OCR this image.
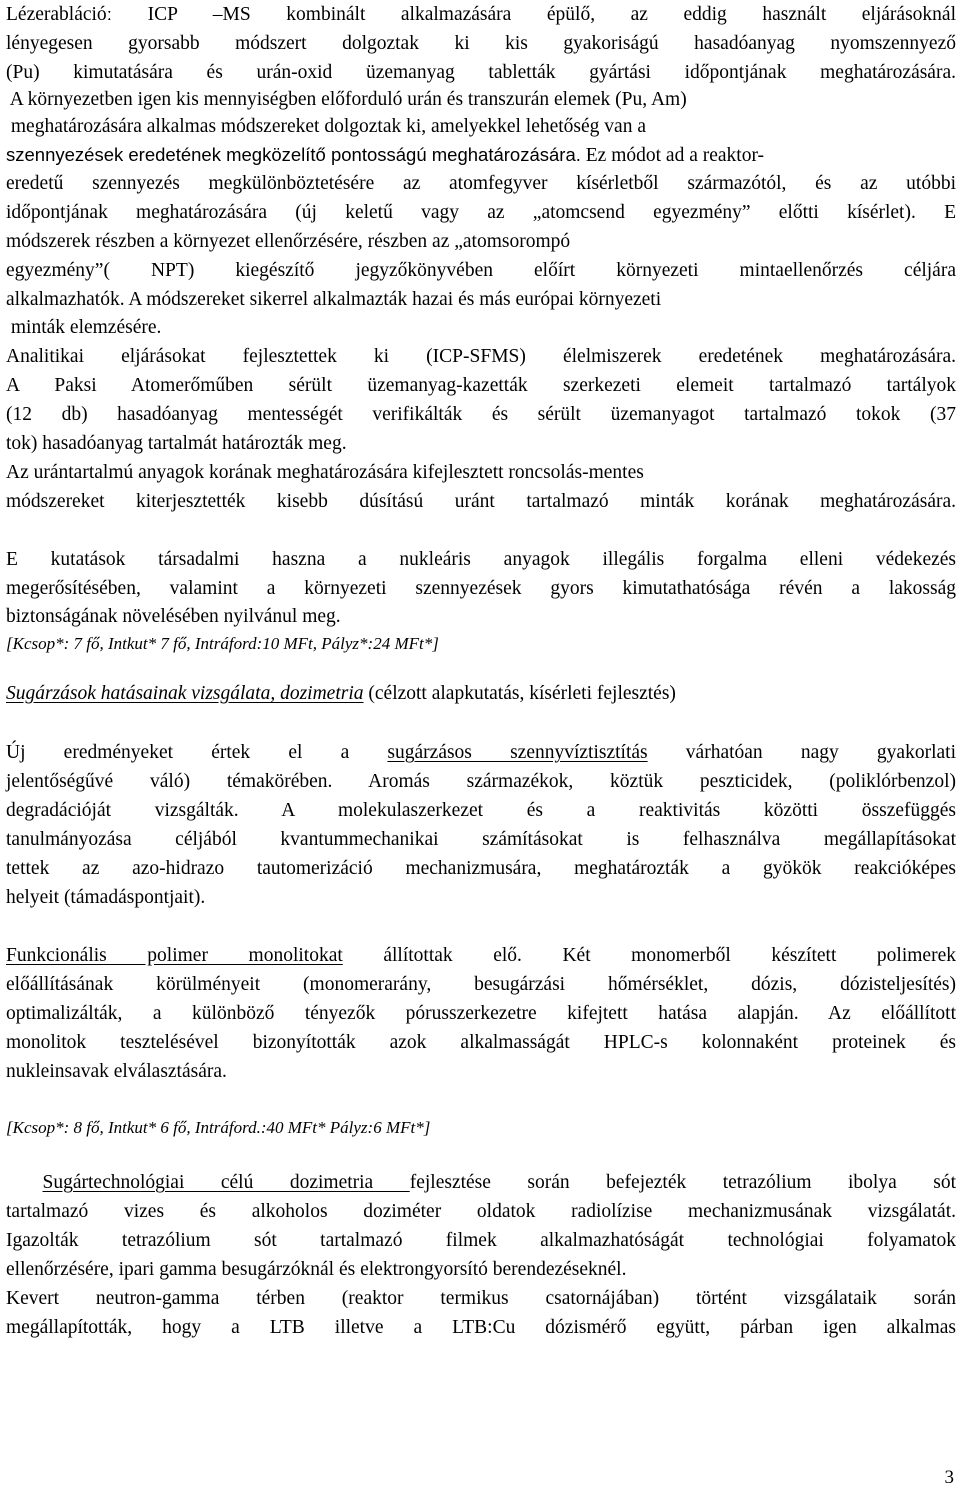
Lézerablációː ICP –MS kombinált alkalmazására épülő, az eddig használt eljárásoknál
lényegesen gyorsabb módszert dolgoztak ki kis gyakoriságú hasadóanyag nyomszennyező
(Pu) kimutatására és urán-oxid üzemanyag tabletták gyártási időpontjának meghatározására.
A környezetben igen kis mennyiségben előforduló urán és transzurán elemek (Pu, Am)
meghatározására alkalmas módszereket dolgoztak ki, amelyekkel lehetőség van a
szennyezések eredetének megközelítő pontosságú meghatározására. Ez módot ad a reaktor-
eredetű szennyezés megkülönböztetésére az atomfegyver kísérletből származótól, és az utóbbi
időpontjának meghatározására (új keletű vagy az „atomcsend egyezmény” előtti kísérlet). E
módszerek részben a környezet ellenőrzésére, részben az „atomsorompó
egyezmény”( NPT) kiegészítő jegyzőkönyvében előírt környezeti mintaellenőrzés céljára
alkalmazhatók. A módszereket sikerrel alkalmazták hazai és más európai környezeti
minták elemzésére.
Analitikai eljárásokat fejlesztettek ki (ICP-SFMS) élelmiszerek eredetének meghatározására.
A Paksi Atomerőműben sérült üzemanyag-kazetták szerkezeti elemeit tartalmazó tartályok
(12 db) hasadóanyag mentességét verifikálták és sérült üzemanyagot tartalmazó tokok (37
tok) hasadóanyag tartalmát határozták meg.
Az urántartalmú anyagok korának meghatározására kifejlesztett roncsolás-mentes
módszereket kiterjesztették kisebb dúsítású uránt tartalmazó minták korának meghatározására.
E kutatások társadalmi haszna a nukleáris anyagok illegális forgalma elleni védekezés
megerősítésében, valamint a környezeti szennyezések gyors kimutathatósága révén a lakosság
biztonságának növelésében nyilvánul meg.
[Kcsop*: 7 fő, Intkut* 7 fő, Intráford:10 MFt, Pályz*:24 MFt*]
Sugárzások hatásainak vizsgálata, dozimetria (célzott alapkutatás, kísérleti fejlesztés)
Új eredményeket értek el a sugárzásos szennyvíztisztítás várhatóan nagy gyakorlati
jelentőségűvé váló) témakörében. Aromás származékok, köztük peszticidek, (poliklórbenzol)
degradációját vizsgálták. A molekulaszerkezet és a reaktivitás közötti összefüggés
tanulmányozása céljából kvantummechanikai számításokat is felhasználva megállapításokat
tettek az azo-hidrazo tautomerizáció mechanizmusára, meghatározták a gyökök reakcióképes
helyeit (támadáspontjait).
Funkcionális polimer monolitokat állítottak elő. Két monomerből készített polimerek
előállításának körülményeit (monomerarány, besugárzási hőmérséklet, dózis, dózisteljesítés)
optimalizálták, a különböző tényezők pórusszerkezetre kifejtett hatása alapján. Az előállított
monolitok tesztelésével bizonyították azok alkalmasságát HPLC-s kolonnaként proteinek és
nukleinsavak elválasztására.
[Kcsop*: 8 fő, Intkut* 6 fő, Intráford.:40 MFt* Pályz:6 MFt*]
Sugártechnológiai célú dozimetria fejlesztése során befejezték tetrazólium ibolya sót
tartalmazó vizes és alkoholos doziméter oldatok radiolízise mechanizmusának vizsgálatát.
Igazolták tetrazólium sót tartalmazó filmek alkalmazhatóságát technológiai folyamatok
ellenőrzésére, ipari gamma besugárzóknál és elektrongyorsító berendezéseknél.
Kevert neutron-gamma térben (reaktor termikus csatornájában) történt vizsgálataik során
megállapították, hogy a LTB illetve a LTB:Cu dózismérő együtt, párban igen alkalmas
3
